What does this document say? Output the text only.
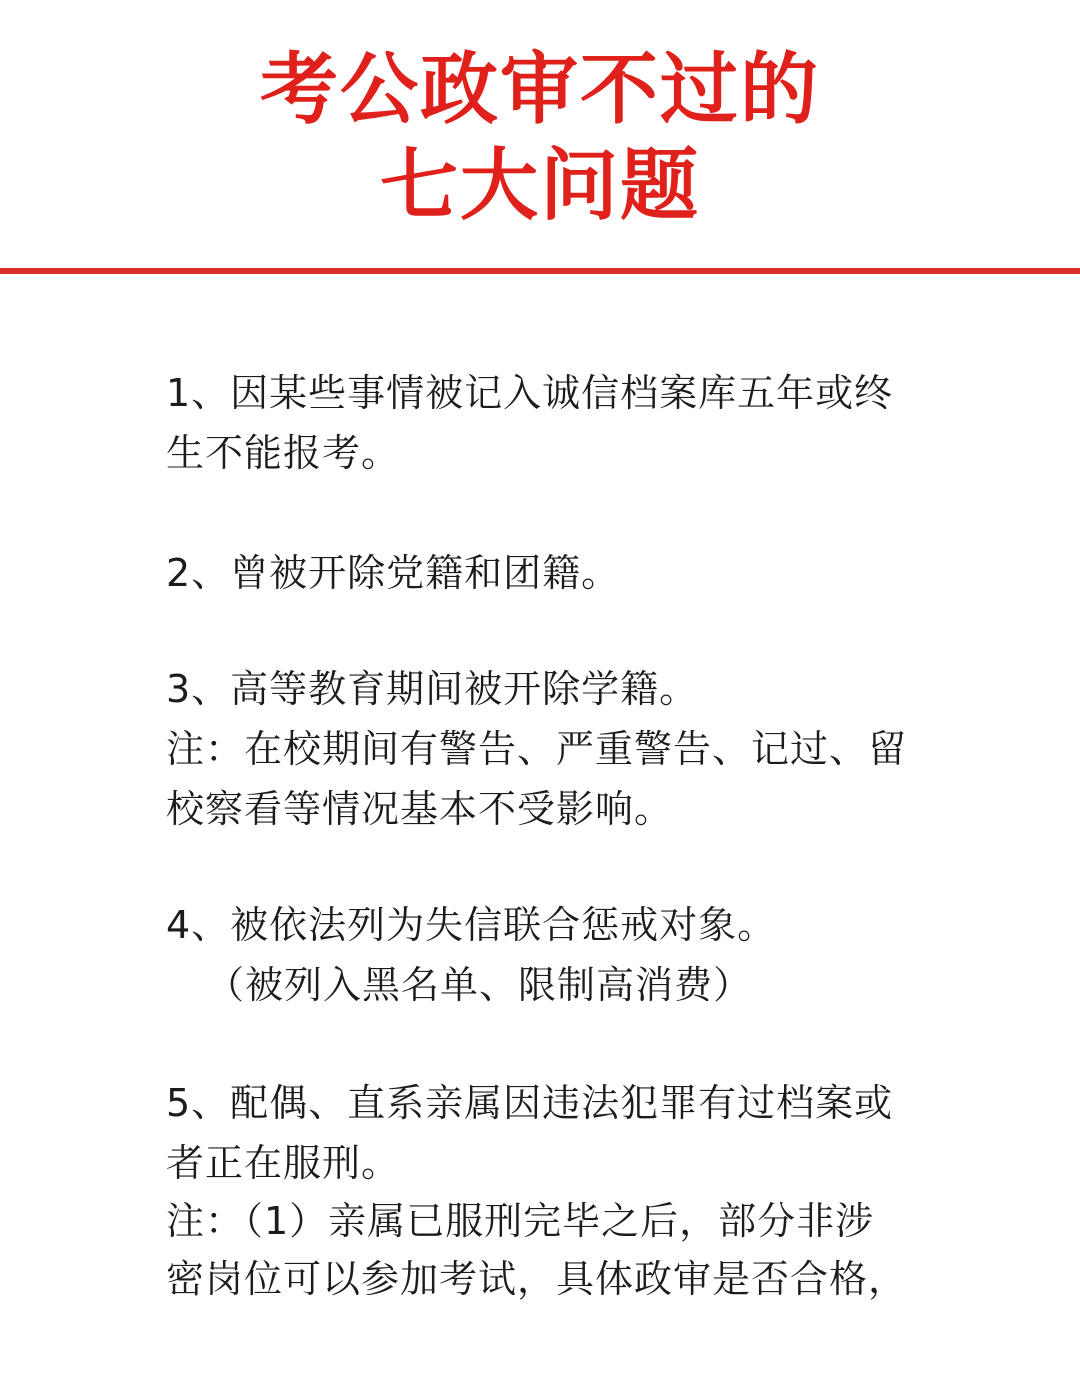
考公政审不过的
七大问题
1、因某些事情被记入诚信档案库五年或终
生不能报考。
2、曾被开除党籍和团籍。
3、高等教育期间被开除学籍。
注：在校期间有警告、严重警告、记过、留
校察看等情况基本不受影响。
4、被依法列为失信联合惩戒对象。
（被列入黑名单、限制高消费）
5、配偶、直系亲属因违法犯罪有过档案或
者正在服刑。
注：（1）亲属已服刑完毕之后，部分非涉
密岗位可以参加考试，具体政审是否合格，
